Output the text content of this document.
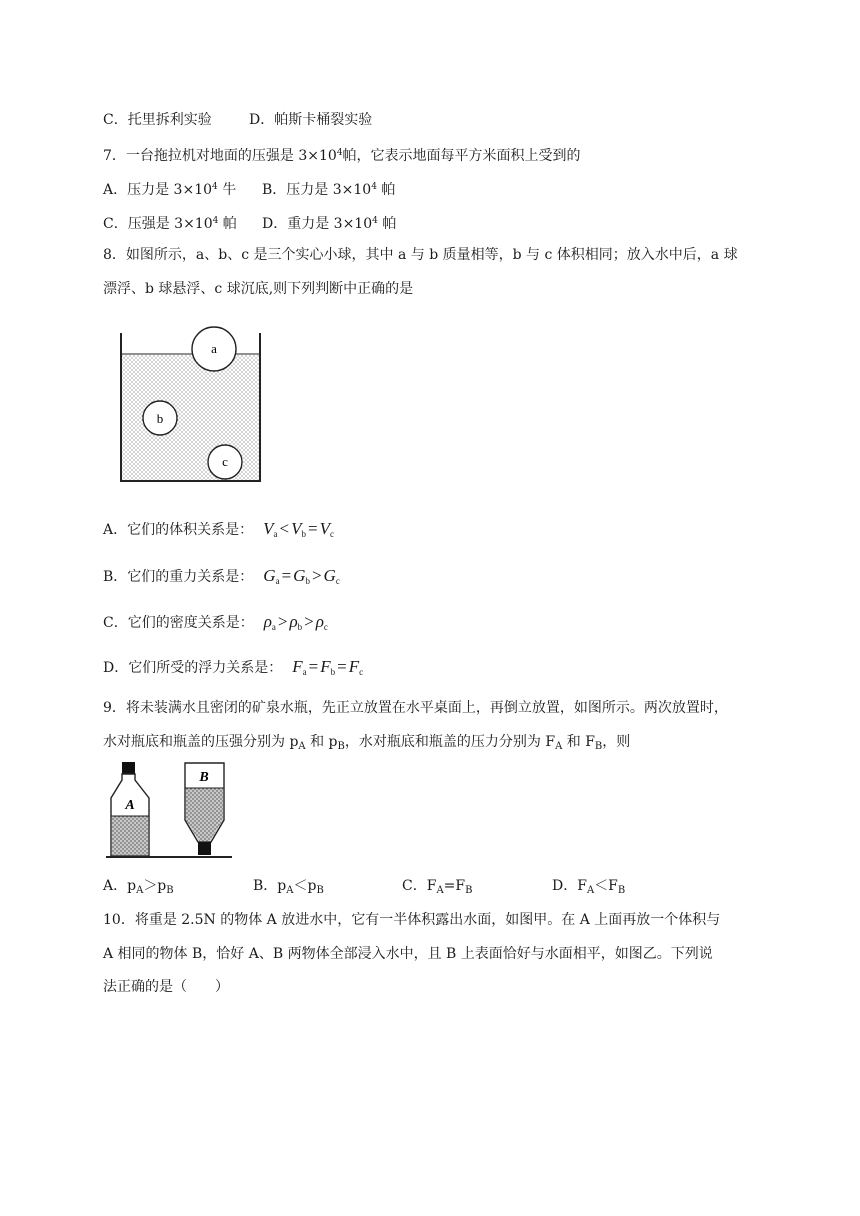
C．托里拆利实验	D．帕斯卡桶裂实验
7．一台拖拉机对地面的压强是 $3\times 10^4$帕，它表示地面每平方米面积上受到的
A．压力是 $3\times 10^4$ 牛 B．压力是 $3\times 10^4$ 帕
C．压强是 $3\times 10^4$ 帕 D．重力是 $3\times 10^4$ 帕
8．如图所示，a、b、c 是三个实心小球，其中 a 与 b 质量相等，b 与 c 体积相同；放入水中后，a 球
漂浮、b 球悬浮、c 球沉底,则下列判断中正确的是
a
b
c
A．它们的体积关系是： $V_a < V_b = V_c$
B．它们的重力关系是： $G_a = G_b > G_c$
C．它们的密度关系是： $\rho_a > \rho_b > \rho_c$
D．它们所受的浮力关系是： $F_a = F_b = F_c$
9．将未装满水且密闭的矿泉水瓶，先正立放置在水平桌面上，再倒立放置，如图所示。两次放置时，
水对瓶底和瓶盖的压强分别为 $p_A$ 和 $p_B$，水对瓶底和瓶盖的压力分别为 $F_A$ 和 $F_B$，则
A
B
A．$p_A>p_B$	B．$p_A<p_B$	C．$F_A=F_B$	D．$F_A<F_B$
10．将重是 2.5N 的物体 A 放进水中，它有一半体积露出水面，如图甲。在 A 上面再放一个体积与
A 相同的物体 B，恰好 A、B 两物体全部浸入水中，且 B 上表面恰好与水面相平，如图乙。下列说
法正确的是（　　）
